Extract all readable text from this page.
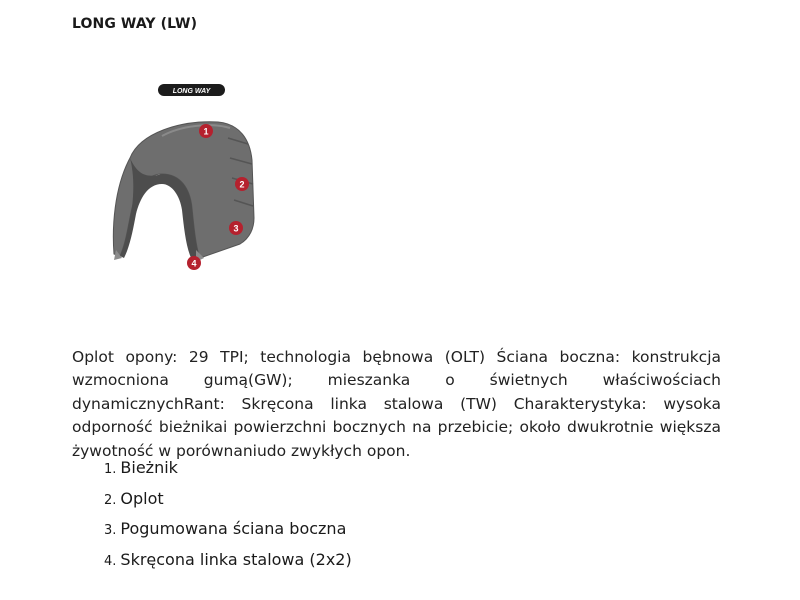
LONG WAY (LW)
LONG WAY
1
2
3
4

Oplot opony: 29 TPI; technologia bębnowa (OLT) Ściana boczna: konstrukcja wzmocniona gumą(GW); mieszanka o świetnych właściwościach dynamicznychRant: Skręcona linka stalowa (TW) Charakterystyka: wysoka odporność bieżnikai powierzchni bocznych na przebicie; około dwukrotnie większa żywotność w porównaniudo zwykłych opon.

1. Bieżnik
2. Oplot
3. Pogumowana ściana boczna
4. Skręcona linka stalowa (2x2)
